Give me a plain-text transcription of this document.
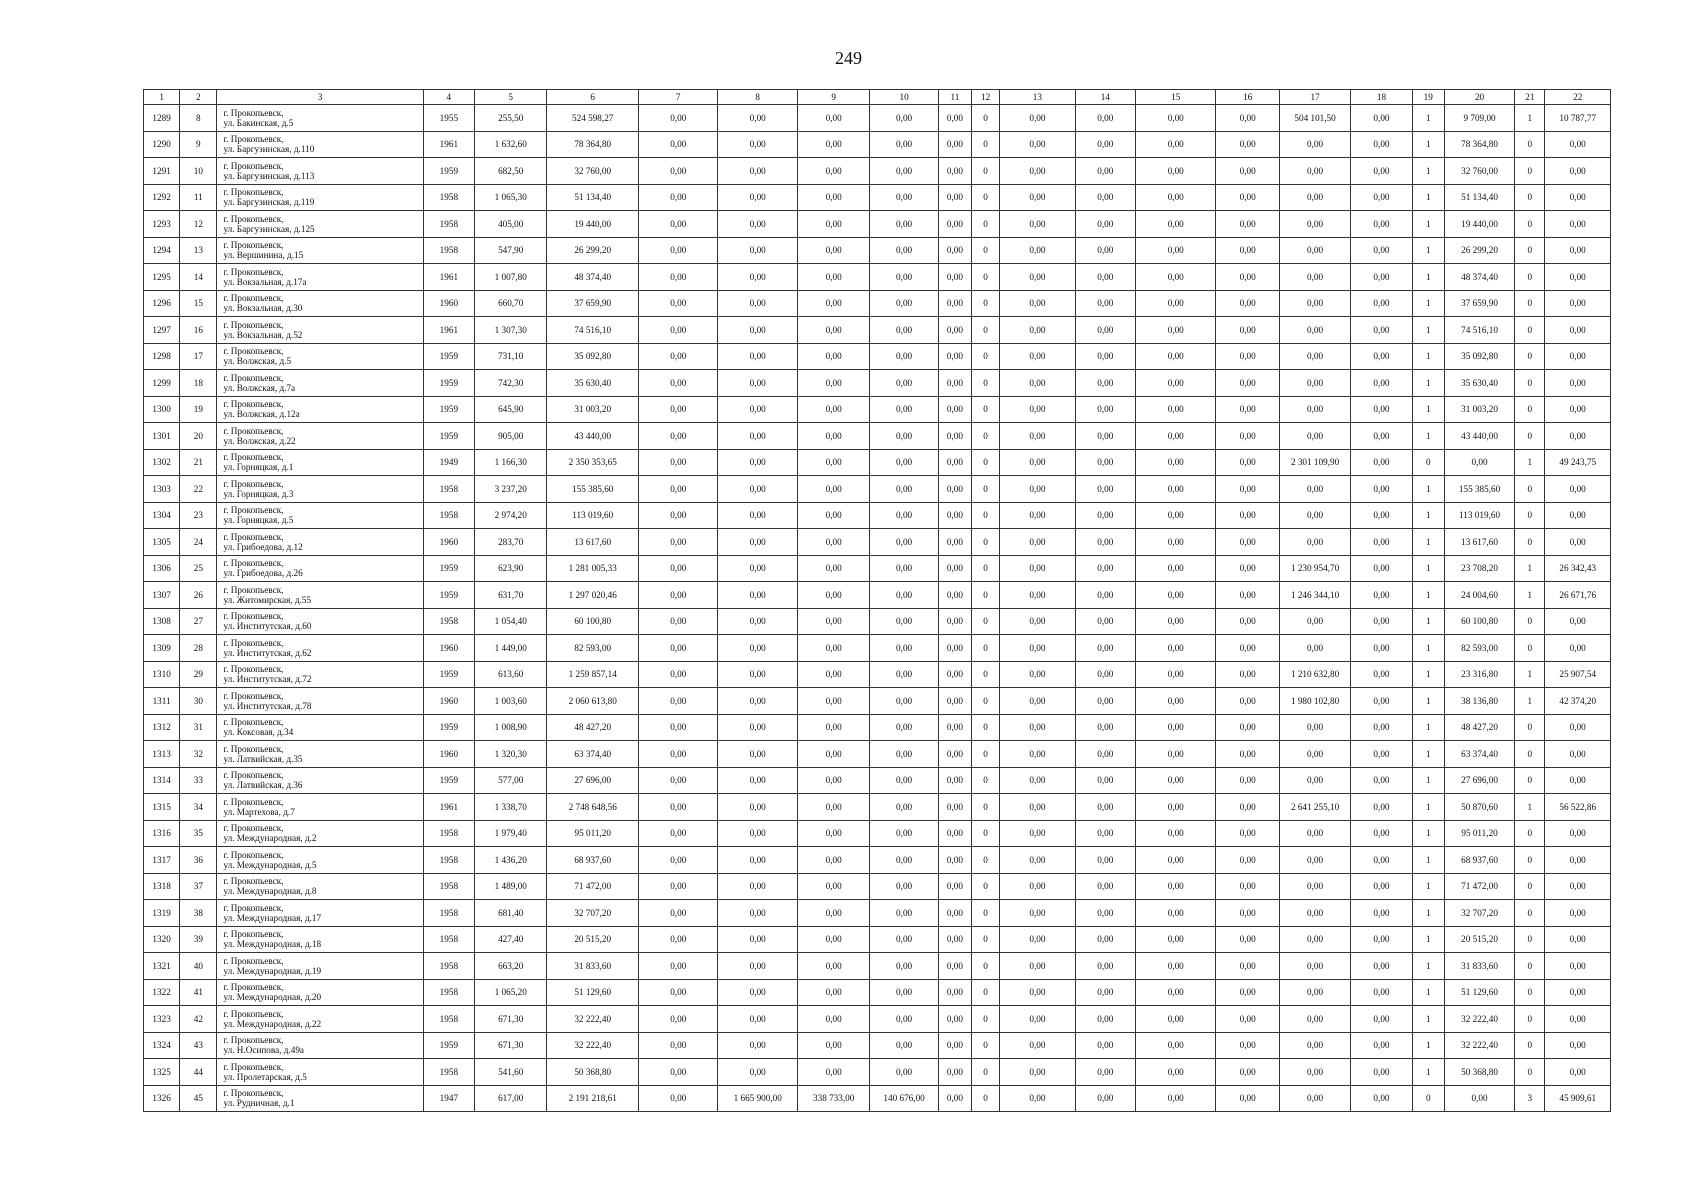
249
1	2	3	4	5	6	7	8	9	10	11	12	13	14	15	16	17	18	19	20	21	22
1289	8	г. Прокопьевск,
ул. Бакинская, д.5	1955	255,50	524 598,27	0,00	0,00	0,00	0,00	0,00	0	0,00	0,00	0,00	0,00	504 101,50	0,00	1	9 709,00	1	10 787,77
1290	9	г. Прокопьевск,
ул. Баргузинская, д.110	1961	1 632,60	78 364,80	0,00	0,00	0,00	0,00	0,00	0	0,00	0,00	0,00	0,00	0,00	0,00	1	78 364,80	0	0,00
1291	10	г. Прокопьевск,
ул. Баргузинская, д.113	1959	682,50	32 760,00	0,00	0,00	0,00	0,00	0,00	0	0,00	0,00	0,00	0,00	0,00	0,00	1	32 760,00	0	0,00
1292	11	г. Прокопьевск,
ул. Баргузинская, д.119	1958	1 065,30	51 134,40	0,00	0,00	0,00	0,00	0,00	0	0,00	0,00	0,00	0,00	0,00	0,00	1	51 134,40	0	0,00
1293	12	г. Прокопьевск,
ул. Баргузинская, д.125	1958	405,00	19 440,00	0,00	0,00	0,00	0,00	0,00	0	0,00	0,00	0,00	0,00	0,00	0,00	1	19 440,00	0	0,00
1294	13	г. Прокопьевск,
ул. Вершинина, д.15	1958	547,90	26 299,20	0,00	0,00	0,00	0,00	0,00	0	0,00	0,00	0,00	0,00	0,00	0,00	1	26 299,20	0	0,00
1295	14	г. Прокопьевск,
ул. Вокзальная, д.17а	1961	1 007,80	48 374,40	0,00	0,00	0,00	0,00	0,00	0	0,00	0,00	0,00	0,00	0,00	0,00	1	48 374,40	0	0,00
1296	15	г. Прокопьевск,
ул. Вокзальная, д.30	1960	660,70	37 659,90	0,00	0,00	0,00	0,00	0,00	0	0,00	0,00	0,00	0,00	0,00	0,00	1	37 659,90	0	0,00
1297	16	г. Прокопьевск,
ул. Вокзальная, д.52	1961	1 307,30	74 516,10	0,00	0,00	0,00	0,00	0,00	0	0,00	0,00	0,00	0,00	0,00	0,00	1	74 516,10	0	0,00
1298	17	г. Прокопьевск,
ул. Волжская, д.5	1959	731,10	35 092,80	0,00	0,00	0,00	0,00	0,00	0	0,00	0,00	0,00	0,00	0,00	0,00	1	35 092,80	0	0,00
1299	18	г. Прокопьевск,
ул. Волжская, д.7а	1959	742,30	35 630,40	0,00	0,00	0,00	0,00	0,00	0	0,00	0,00	0,00	0,00	0,00	0,00	1	35 630,40	0	0,00
1300	19	г. Прокопьевск,
ул. Волжская, д.12а	1959	645,90	31 003,20	0,00	0,00	0,00	0,00	0,00	0	0,00	0,00	0,00	0,00	0,00	0,00	1	31 003,20	0	0,00
1301	20	г. Прокопьевск,
ул. Волжская, д.22	1959	905,00	43 440,00	0,00	0,00	0,00	0,00	0,00	0	0,00	0,00	0,00	0,00	0,00	0,00	1	43 440,00	0	0,00
1302	21	г. Прокопьевск,
ул. Горняцкая, д.1	1949	1 166,30	2 350 353,65	0,00	0,00	0,00	0,00	0,00	0	0,00	0,00	0,00	0,00	2 301 109,90	0,00	0	0,00	1	49 243,75
1303	22	г. Прокопьевск,
ул. Горняцкая, д.3	1958	3 237,20	155 385,60	0,00	0,00	0,00	0,00	0,00	0	0,00	0,00	0,00	0,00	0,00	0,00	1	155 385,60	0	0,00
1304	23	г. Прокопьевск,
ул. Горняцкая, д.5	1958	2 974,20	113 019,60	0,00	0,00	0,00	0,00	0,00	0	0,00	0,00	0,00	0,00	0,00	0,00	1	113 019,60	0	0,00
1305	24	г. Прокопьевск,
ул. Грибоедова, д.12	1960	283,70	13 617,60	0,00	0,00	0,00	0,00	0,00	0	0,00	0,00	0,00	0,00	0,00	0,00	1	13 617,60	0	0,00
1306	25	г. Прокопьевск,
ул. Грибоедова, д.26	1959	623,90	1 281 005,33	0,00	0,00	0,00	0,00	0,00	0	0,00	0,00	0,00	0,00	1 230 954,70	0,00	1	23 708,20	1	26 342,43
1307	26	г. Прокопьевск,
ул. Житомирская, д.55	1959	631,70	1 297 020,46	0,00	0,00	0,00	0,00	0,00	0	0,00	0,00	0,00	0,00	1 246 344,10	0,00	1	24 004,60	1	26 671,76
1308	27	г. Прокопьевск,
ул. Институтская, д.60	1958	1 054,40	60 100,80	0,00	0,00	0,00	0,00	0,00	0	0,00	0,00	0,00	0,00	0,00	0,00	1	60 100,80	0	0,00
1309	28	г. Прокопьевск,
ул. Институтская, д.62	1960	1 449,00	82 593,00	0,00	0,00	0,00	0,00	0,00	0	0,00	0,00	0,00	0,00	0,00	0,00	1	82 593,00	0	0,00
1310	29	г. Прокопьевск,
ул. Институтская, д.72	1959	613,60	1 259 857,14	0,00	0,00	0,00	0,00	0,00	0	0,00	0,00	0,00	0,00	1 210 632,80	0,00	1	23 316,80	1	25 907,54
1311	30	г. Прокопьевск,
ул. Институтская, д.78	1960	1 003,60	2 060 613,80	0,00	0,00	0,00	0,00	0,00	0	0,00	0,00	0,00	0,00	1 980 102,80	0,00	1	38 136,80	1	42 374,20
1312	31	г. Прокопьевск,
ул. Коксовая, д.34	1959	1 008,90	48 427,20	0,00	0,00	0,00	0,00	0,00	0	0,00	0,00	0,00	0,00	0,00	0,00	1	48 427,20	0	0,00
1313	32	г. Прокопьевск,
ул. Латвийская, д.35	1960	1 320,30	63 374,40	0,00	0,00	0,00	0,00	0,00	0	0,00	0,00	0,00	0,00	0,00	0,00	1	63 374,40	0	0,00
1314	33	г. Прокопьевск,
ул. Латвийская, д.36	1959	577,00	27 696,00	0,00	0,00	0,00	0,00	0,00	0	0,00	0,00	0,00	0,00	0,00	0,00	1	27 696,00	0	0,00
1315	34	г. Прокопьевск,
ул. Мартехова, д.7	1961	1 338,70	2 748 648,56	0,00	0,00	0,00	0,00	0,00	0	0,00	0,00	0,00	0,00	2 641 255,10	0,00	1	50 870,60	1	56 522,86
1316	35	г. Прокопьевск,
ул. Международная, д.2	1958	1 979,40	95 011,20	0,00	0,00	0,00	0,00	0,00	0	0,00	0,00	0,00	0,00	0,00	0,00	1	95 011,20	0	0,00
1317	36	г. Прокопьевск,
ул. Международная, д.5	1958	1 436,20	68 937,60	0,00	0,00	0,00	0,00	0,00	0	0,00	0,00	0,00	0,00	0,00	0,00	1	68 937,60	0	0,00
1318	37	г. Прокопьевск,
ул. Международная, д.8	1958	1 489,00	71 472,00	0,00	0,00	0,00	0,00	0,00	0	0,00	0,00	0,00	0,00	0,00	0,00	1	71 472,00	0	0,00
1319	38	г. Прокопьевск,
ул. Международная, д.17	1958	681,40	32 707,20	0,00	0,00	0,00	0,00	0,00	0	0,00	0,00	0,00	0,00	0,00	0,00	1	32 707,20	0	0,00
1320	39	г. Прокопьевск,
ул. Международная, д.18	1958	427,40	20 515,20	0,00	0,00	0,00	0,00	0,00	0	0,00	0,00	0,00	0,00	0,00	0,00	1	20 515,20	0	0,00
1321	40	г. Прокопьевск,
ул. Международная, д.19	1958	663,20	31 833,60	0,00	0,00	0,00	0,00	0,00	0	0,00	0,00	0,00	0,00	0,00	0,00	1	31 833,60	0	0,00
1322	41	г. Прокопьевск,
ул. Международная, д.20	1958	1 065,20	51 129,60	0,00	0,00	0,00	0,00	0,00	0	0,00	0,00	0,00	0,00	0,00	0,00	1	51 129,60	0	0,00
1323	42	г. Прокопьевск,
ул. Международная, д.22	1958	671,30	32 222,40	0,00	0,00	0,00	0,00	0,00	0	0,00	0,00	0,00	0,00	0,00	0,00	1	32 222,40	0	0,00
1324	43	г. Прокопьевск,
ул. Н.Осипова, д.49а	1959	671,30	32 222,40	0,00	0,00	0,00	0,00	0,00	0	0,00	0,00	0,00	0,00	0,00	0,00	1	32 222,40	0	0,00
1325	44	г. Прокопьевск,
ул. Пролетарская, д.5	1958	541,60	50 368,80	0,00	0,00	0,00	0,00	0,00	0	0,00	0,00	0,00	0,00	0,00	0,00	1	50 368,80	0	0,00
1326	45	г. Прокопьевск,
ул. Рудничная, д.1	1947	617,00	2 191 218,61	0,00	1 665 900,00	338 733,00	140 676,00	0,00	0	0,00	0,00	0,00	0,00	0,00	0,00	0	0,00	3	45 909,61
